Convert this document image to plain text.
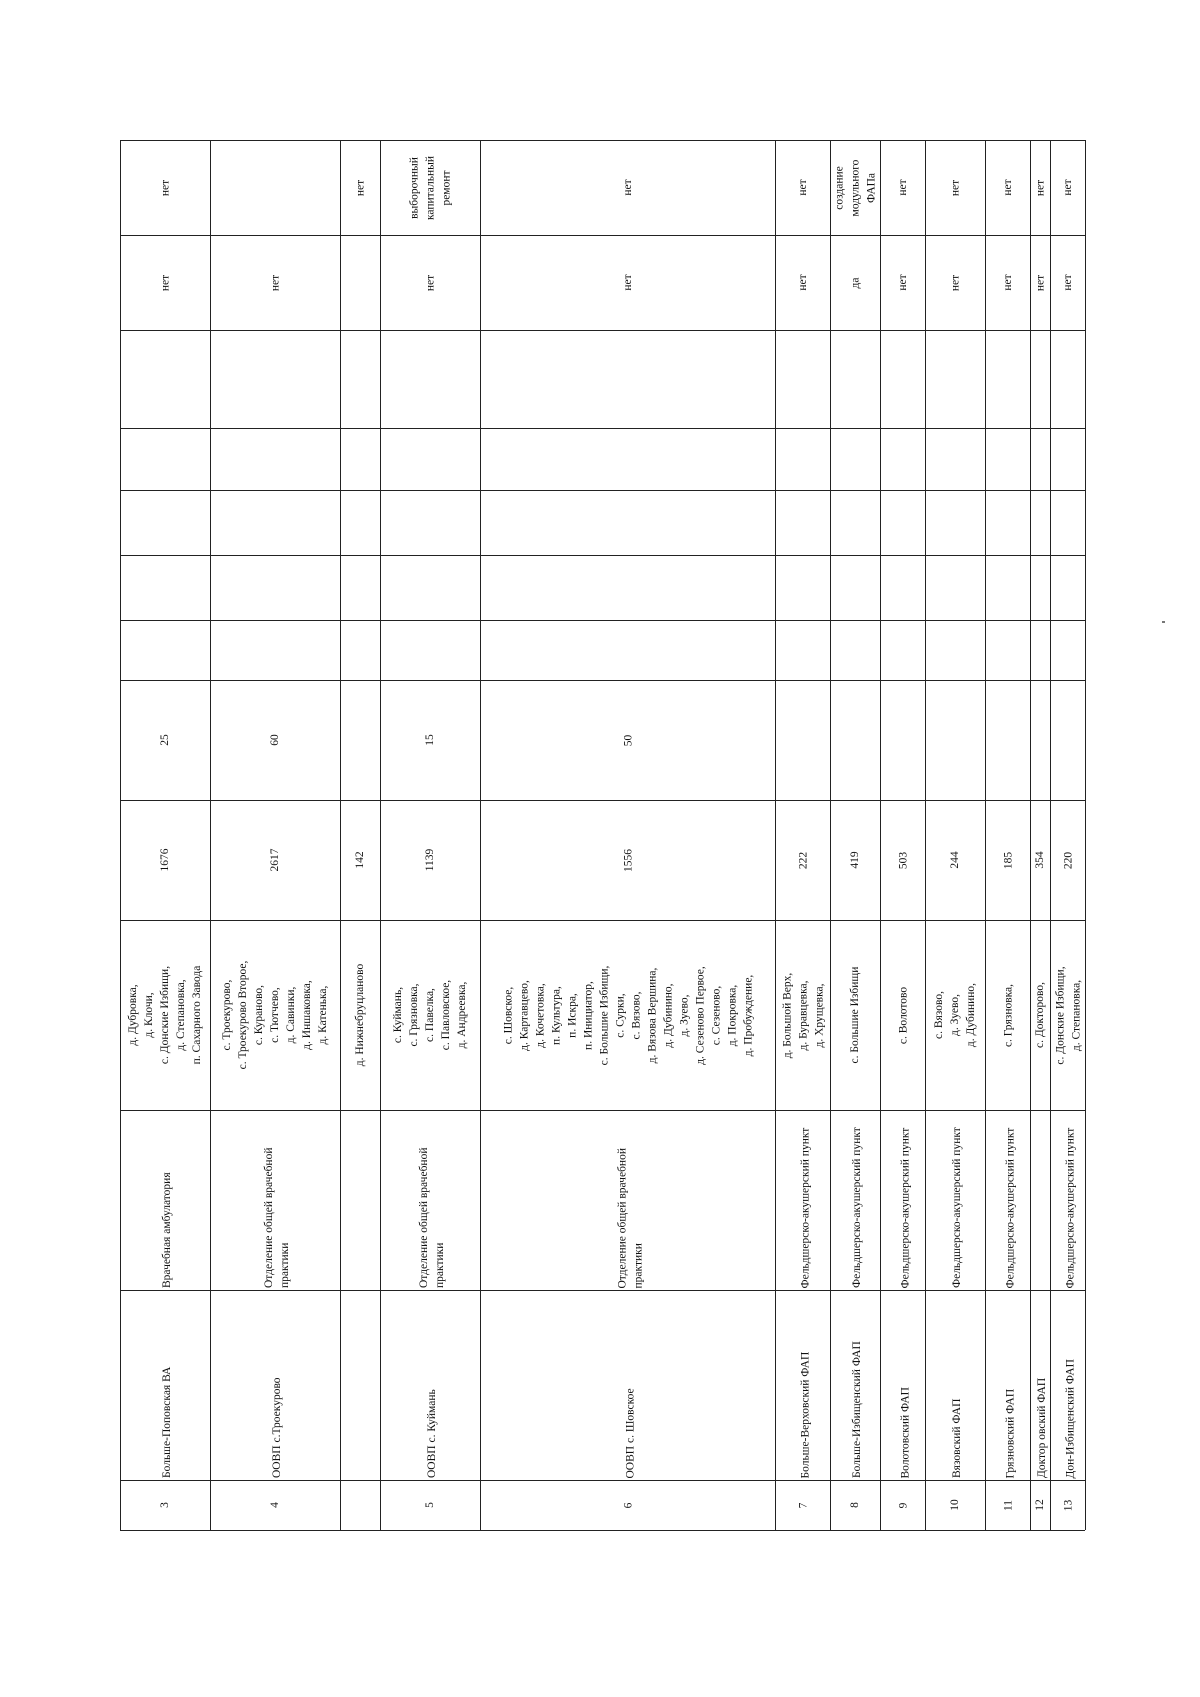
3
Больше-Поповская ВА
Врачебная амбулатория
д. Дубровка,
д. Клочи,
с. Донские Избищи,
д. Степановка,
п. Сахарного Завода
1676
25
нет
нет
4
ООВП с.Троекурово
Отделение общей врачебной практики
с. Троекурово,
с. Троекурово Второе,
с. Кураново,
с. Тютчево,
д. Савинки,
д. Иншаковка,
д. Катенька,
2617
60
нет
д. Нижнебруцланово
142
нет
5
ООВП с. Куймань
Отделение общей врачебной практики
с. Куймань,
с. Грязновка,
с. Павелка,
с. Павловское,
д. Андреевка,
1139
15
нет
выборочный
капитальный
ремонт
6
ООВП с. Шовское
Отделение общей врачебной практики
с. Шовское,
д. Картавцево,
д. Кочетовка,
п. Культура,
п. Искра,
п. Инициатор,
с. Большие Избищи,
с. Сурки,
с. Вязово,
д. Вязова Вершина,
д. Дубинино,
д. Зуево,
д. Сезеново Первое,
с. Сезеново,
д. Покровка,
д. Пробуждение,
1556
50
нет
нет
7
Больше-Верховский ФАП
Фельдшерско-акушерский пункт
д. Большой Верх,
д. Буравцевка,
д. Хрущевка,
222
нет
нет
8
Больше-Избищенский ФАП
Фельдшерско-акушерский пункт
с. Большие Избищи
419
да
создание
модульного
ФАПа
9
Волотовский ФАП
Фельдшерско-акушерский пункт
с. Волотово
503
нет
нет
10
Вязовский ФАП
Фельдшерско-акушерский пункт
с. Вязово,
д. Зуево,
д. Дубинино,
244
нет
нет
11
Грязновский ФАП
Фельдшерско-акушерский пункт
с. Грязновка,
185
нет
нет
12
Доктор овский ФАП
с. Докторово,
354
нет
нет
13
Дон-Избищенский ФАП
Фельдшерско-акушерский пункт
с. Донские Избищи,
д. Степановка,
220
нет
нет
